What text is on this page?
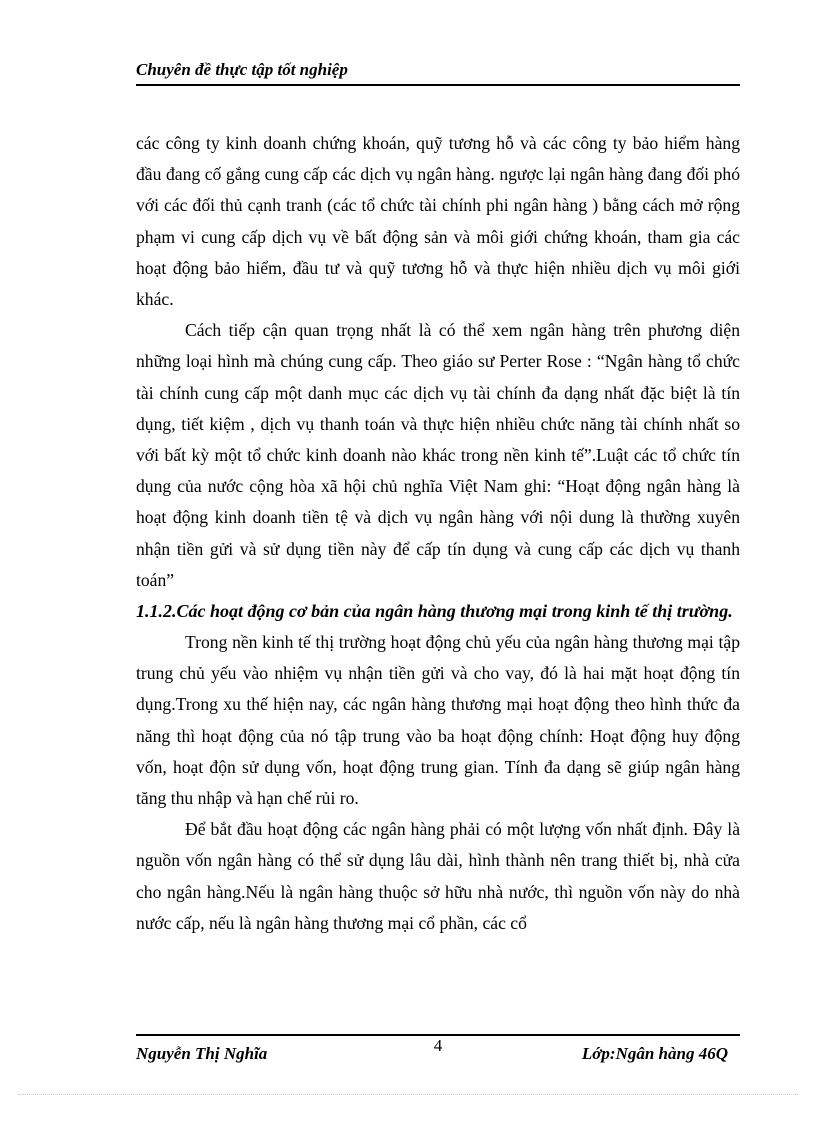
Chuyên đề thực tập tốt nghiệp

các công ty kinh doanh chứng khoán, quỹ tương hỗ và các công ty bảo hiểm hàng đầu đang cố gắng cung cấp các dịch vụ ngân hàng. ngược lại ngân hàng đang đối phó với các đối thủ cạnh tranh (các tổ chức tài chính phi ngân hàng ) bằng cách mở rộng phạm vi cung cấp dịch vụ về bất động sản và môi giới chứng khoán, tham gia các hoạt động bảo hiểm, đầu tư và quỹ tương hỗ và thực hiện nhiều dịch vụ môi giới khác.

Cách tiếp cận quan trọng nhất là có thể xem ngân hàng trên phương diện những loại hình mà chúng cung cấp. Theo giáo sư Perter Rose : “Ngân hàng tổ chức tài chính cung cấp một danh mục các dịch vụ tài chính đa dạng nhất đặc biệt là tín dụng, tiết kiệm , dịch vụ thanh toán và thực hiện nhiều chức năng tài chính nhất so với bất kỳ một tổ chức kinh doanh nào khác trong nền kinh tế”.Luật các tổ chức tín dụng của nước cộng hòa xã hội chủ nghĩa Việt Nam ghi: “Hoạt động ngân hàng là hoạt động kinh doanh tiền tệ và dịch vụ ngân hàng với nội dung là thường xuyên nhận tiền gửi và sử dụng tiền này để cấp tín dụng và cung cấp các dịch vụ thanh toán”

1.1.2.Các hoạt động cơ bản của ngân hàng thương mại trong kinh tế thị trường.

Trong nền kinh tế thị trường hoạt động chủ yếu của ngân hàng thương mại tập trung chủ yếu vào nhiệm vụ nhận tiền gửi và cho vay, đó là hai mặt hoạt động tín dụng.Trong xu thế hiện nay, các ngân hàng thương mại hoạt động theo hình thức đa năng thì hoạt động của nó tập trung vào ba hoạt động chính: Hoạt động huy động vốn, hoạt độn sử dụng vốn, hoạt động trung gian. Tính đa dạng sẽ giúp ngân hàng tăng thu nhập và hạn chế rủi ro.

Để bắt đầu hoạt động các ngân hàng phải có một lượng vốn nhất định. Đây là nguồn vốn ngân hàng có thể sử dụng lâu dài, hình thành nên trang thiết bị, nhà cửa cho ngân hàng.Nếu là ngân hàng thuộc sở hữu nhà nước, thì nguồn vốn này do nhà nước cấp, nếu là ngân hàng thương mại cổ phần, các cổ

4
Nguyễn Thị Nghĩa	Lớp:Ngân hàng 46Q
